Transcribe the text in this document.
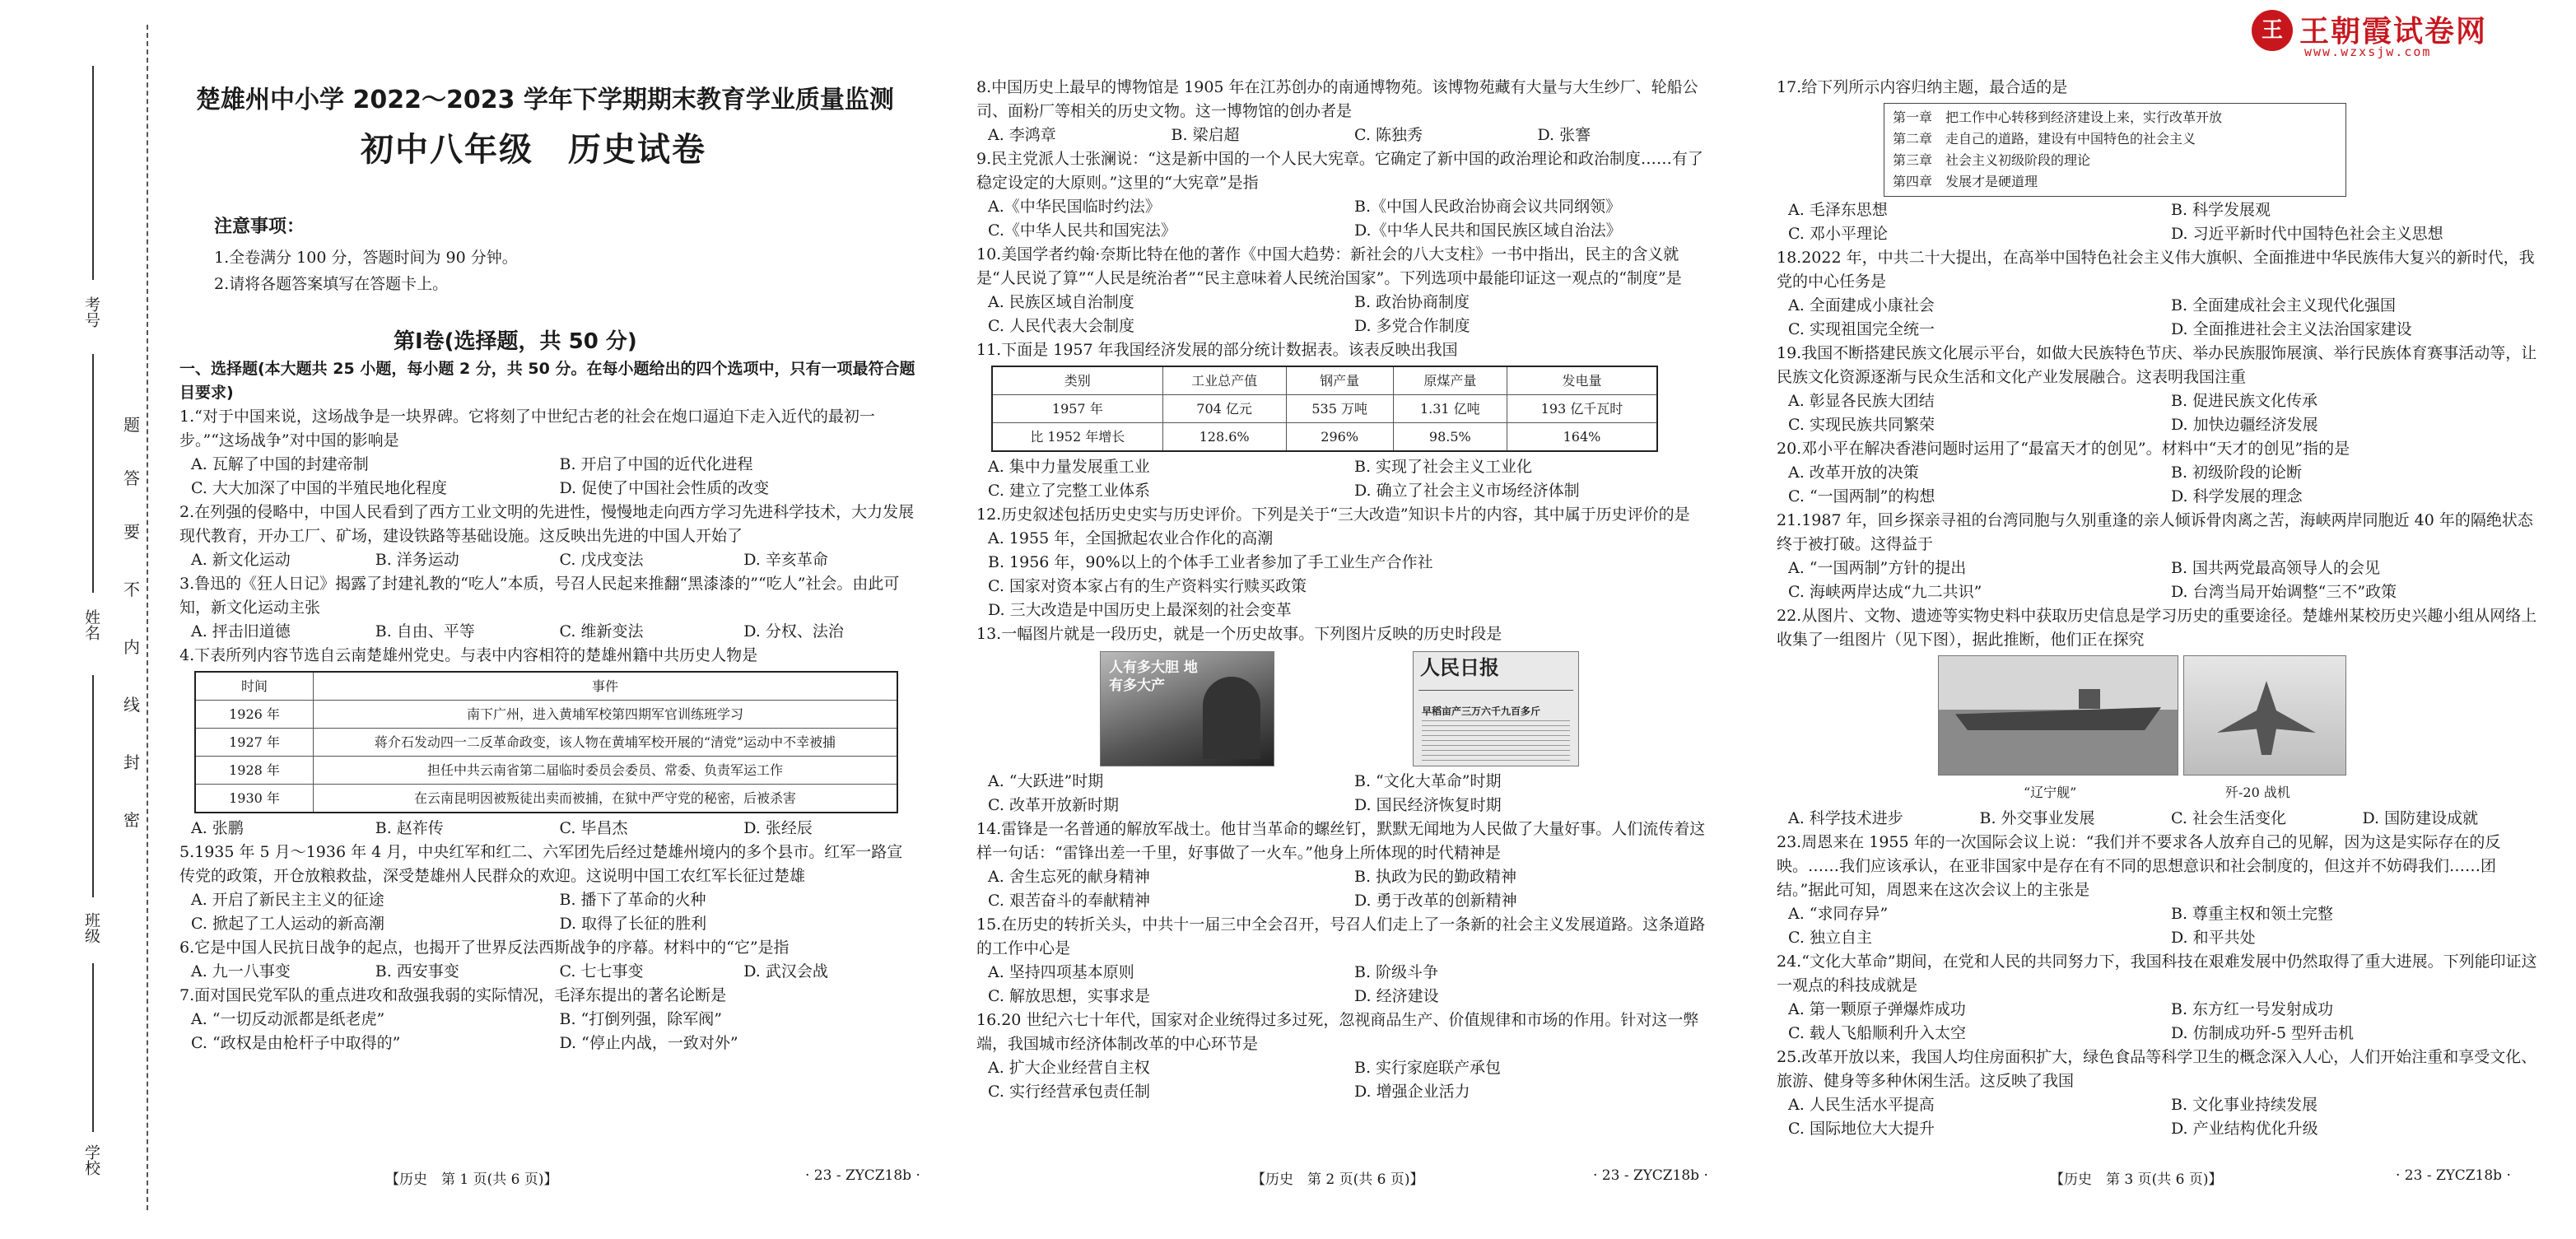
王 王朝霞试卷网
www.wzxsjw.com
考号
姓名
班级
学校
题
答
要
不
内
线
封
密
楚雄州中小学 2022～2023 学年下学期期末教育学业质量监测
初中八年级　历史试卷
注意事项：
1.全卷满分 100 分，答题时间为 90 分钟。
2.请将各题答案填写在答题卡上。
第Ⅰ卷(选择题，共 50 分)

一、选择题(本大题共 25 小题，每小题 2 分，共 50 分。在每小题给出的四个选项中，只有一项最符合题目要求)

1.“对于中国来说，这场战争是一块界碑。它将刻了中世纪古老的社会在炮口逼迫下走入近代的最初一步。”“这场战争”对中国的影响是

A. 瓦解了中国的封建帝制	B. 开启了中国的近代化进程
C. 大大加深了中国的半殖民地化程度	D. 促使了中国社会性质的改变

2.在列强的侵略中，中国人民看到了西方工业文明的先进性，慢慢地走向西方学习先进科学技术，大力发展现代教育，开办工厂、矿场，建设铁路等基础设施。这反映出先进的中国人开始了

A. 新文化运动	B. 洋务运动	C. 戊戌变法	D. 辛亥革命

3.鲁迅的《狂人日记》揭露了封建礼教的“吃人”本质，号召人民起来推翻“黑漆漆的”“吃人”社会。由此可知，新文化运动主张

A. 抨击旧道德	B. 自由、平等	C. 维新变法	D. 分权、法治

4.下表所列内容节选自云南楚雄州党史。与表中内容相符的楚雄州籍中共历史人物是

时间	事件
1926 年	南下广州，进入黄埔军校第四期军官训练班学习
1927 年	蒋介石发动四一二反革命政变，该人物在黄埔军校开展的“清党”运动中不幸被捕
1928 年	担任中共云南省第二届临时委员会委员、常委、负责军运工作
1930 年	在云南昆明因被叛徒出卖而被捕，在狱中严守党的秘密，后被杀害
A. 张鹏	B. 赵祚传	C. 毕昌杰	D. 张经辰

5.1935 年 5 月～1936 年 4 月，中央红军和红二、六军团先后经过楚雄州境内的多个县市。红军一路宣传党的政策，开仓放粮救盐，深受楚雄州人民群众的欢迎。这说明中国工农红军长征过楚雄

A. 开启了新民主主义的征途	B. 播下了革命的火种
C. 掀起了工人运动的新高潮	D. 取得了长征的胜利

6.它是中国人民抗日战争的起点，也揭开了世界反法西斯战争的序幕。材料中的“它”是指

A. 九一八事变	B. 西安事变	C. 七七事变	D. 武汉会战

7.面对国民党军队的重点进攻和敌强我弱的实际情况，毛泽东提出的著名论断是

A. “一切反动派都是纸老虎”	B. “打倒列强，除军阀”
C. “政权是由枪杆子中取得的”	D. “停止内战，一致对外”
【历史　第 1 页(共 6 页)】	· 23 - ZYCZ18b ·

8.中国历史上最早的博物馆是 1905 年在江苏创办的南通博物苑。该博物苑藏有大量与大生纱厂、轮船公司、面粉厂等相关的历史文物。这一博物馆的创办者是

A. 李鸿章	B. 梁启超	C. 陈独秀	D. 张謇

9.民主党派人士张澜说：“这是新中国的一个人民大宪章。它确定了新中国的政治理论和政治制度……有了稳定设定的大原则。”这里的“大宪章”是指

A.《中华民国临时约法》	B.《中国人民政治协商会议共同纲领》
C.《中华人民共和国宪法》	D.《中华人民共和国民族区域自治法》

10.美国学者约翰·奈斯比特在他的著作《中国大趋势：新社会的八大支柱》一书中指出，民主的含义就是“人民说了算”“人民是统治者”“民主意味着人民统治国家”。下列选项中最能印证这一观点的“制度”是

A. 民族区域自治制度	B. 政治协商制度
C. 人民代表大会制度	D. 多党合作制度

11.下面是 1957 年我国经济发展的部分统计数据表。该表反映出我国

类别	工业总产值	钢产量	原煤产量	发电量
1957 年	704 亿元	535 万吨	1.31 亿吨	193 亿千瓦时
比 1952 年增长	128.6%	296%	98.5%	164%
A. 集中力量发展重工业	B. 实现了社会主义工业化
C. 建立了完整工业体系	D. 确立了社会主义市场经济体制

12.历史叙述包括历史史实与历史评价。下列是关于“三大改造”知识卡片的内容，其中属于历史评价的是

A. 1955 年，全国掀起农业合作化的高潮

B. 1956 年，90%以上的个体手工业者参加了手工业生产合作社

C. 国家对资本家占有的生产资料实行赎买政策

D. 三大改造是中国历史上最深刻的社会变革

13.一幅图片就是一段历史，就是一个历史故事。下列图片反映的历史时段是

人有多大胆 地有多大产
人民日报
早稻亩产三万六千九百多斤
A. “大跃进”时期	B. “文化大革命”时期
C. 改革开放新时期	D. 国民经济恢复时期

14.雷锋是一名普通的解放军战士。他甘当革命的螺丝钉，默默无闻地为人民做了大量好事。人们流传着这样一句话：“雷锋出差一千里，好事做了一火车。”他身上所体现的时代精神是

A. 舍生忘死的献身精神	B. 执政为民的勤政精神
C. 艰苦奋斗的奉献精神	D. 勇于改革的创新精神

15.在历史的转折关头，中共十一届三中全会召开，号召人们走上了一条新的社会主义发展道路。这条道路的工作中心是

A. 坚持四项基本原则	B. 阶级斗争
C. 解放思想，实事求是	D. 经济建设

16.20 世纪六七十年代，国家对企业统得过多过死，忽视商品生产、价值规律和市场的作用。针对这一弊端，我国城市经济体制改革的中心环节是

A. 扩大企业经营自主权	B. 实行家庭联产承包
C. 实行经营承包责任制	D. 增强企业活力
【历史　第 2 页(共 6 页)】	· 23 - ZYCZ18b ·

17.给下列所示内容归纳主题，最合适的是

第一章　把工作中心转移到经济建设上来，实行改革开放
第二章　走自己的道路，建设有中国特色的社会主义
第三章　社会主义初级阶段的理论
第四章　发展才是硬道理
A. 毛泽东思想	B. 科学发展观
C. 邓小平理论	D. 习近平新时代中国特色社会主义思想

18.2022 年，中共二十大提出，在高举中国特色社会主义伟大旗帜、全面推进中华民族伟大复兴的新时代，我党的中心任务是

A. 全面建成小康社会	B. 全面建成社会主义现代化强国
C. 实现祖国完全统一	D. 全面推进社会主义法治国家建设

19.我国不断搭建民族文化展示平台，如做大民族特色节庆、举办民族服饰展演、举行民族体育赛事活动等，让民族文化资源逐渐与民众生活和文化产业发展融合。这表明我国注重

A. 彰显各民族大团结	B. 促进民族文化传承
C. 实现民族共同繁荣	D. 加快边疆经济发展

20.邓小平在解决香港问题时运用了“最富天才的创见”。材料中“天才的创见”指的是

A. 改革开放的决策	B. 初级阶段的论断
C. “一国两制”的构想	D. 科学发展的理念

21.1987 年，回乡探亲寻祖的台湾同胞与久别重逢的亲人倾诉骨肉离之苦，海峡两岸同胞近 40 年的隔绝状态终于被打破。这得益于

A. “一国两制”方针的提出	B. 国共两党最高领导人的会见
C. 海峡两岸达成“九二共识”	D. 台湾当局开始调整“三不”政策

22.从图片、文物、遗迹等实物史料中获取历史信息是学习历史的重要途径。楚雄州某校历史兴趣小组从网络上收集了一组图片（见下图），据此推断，他们正在探究

“辽宁舰”	歼-20 战机
A. 科学技术进步	B. 外交事业发展	C. 社会生活变化	D. 国防建设成就

23.周恩来在 1955 年的一次国际会议上说：“我们并不要求各人放弃自己的见解，因为这是实际存在的反映。……我们应该承认，在亚非国家中是存在有不同的思想意识和社会制度的，但这并不妨碍我们……团结。”据此可知，周恩来在这次会议上的主张是

A. “求同存异”	B. 尊重主权和领土完整
C. 独立自主	D. 和平共处

24.“文化大革命”期间，在党和人民的共同努力下，我国科技在艰难发展中仍然取得了重大进展。下列能印证这一观点的科技成就是

A. 第一颗原子弹爆炸成功	B. 东方红一号发射成功
C. 载人飞船顺利升入太空	D. 仿制成功歼-5 型歼击机

25.改革开放以来，我国人均住房面积扩大，绿色食品等科学卫生的概念深入人心，人们开始注重和享受文化、旅游、健身等多种休闲生活。这反映了我国

A. 人民生活水平提高	B. 文化事业持续发展
C. 国际地位大大提升	D. 产业结构优化升级
【历史　第 3 页(共 6 页)】	· 23 - ZYCZ18b ·
